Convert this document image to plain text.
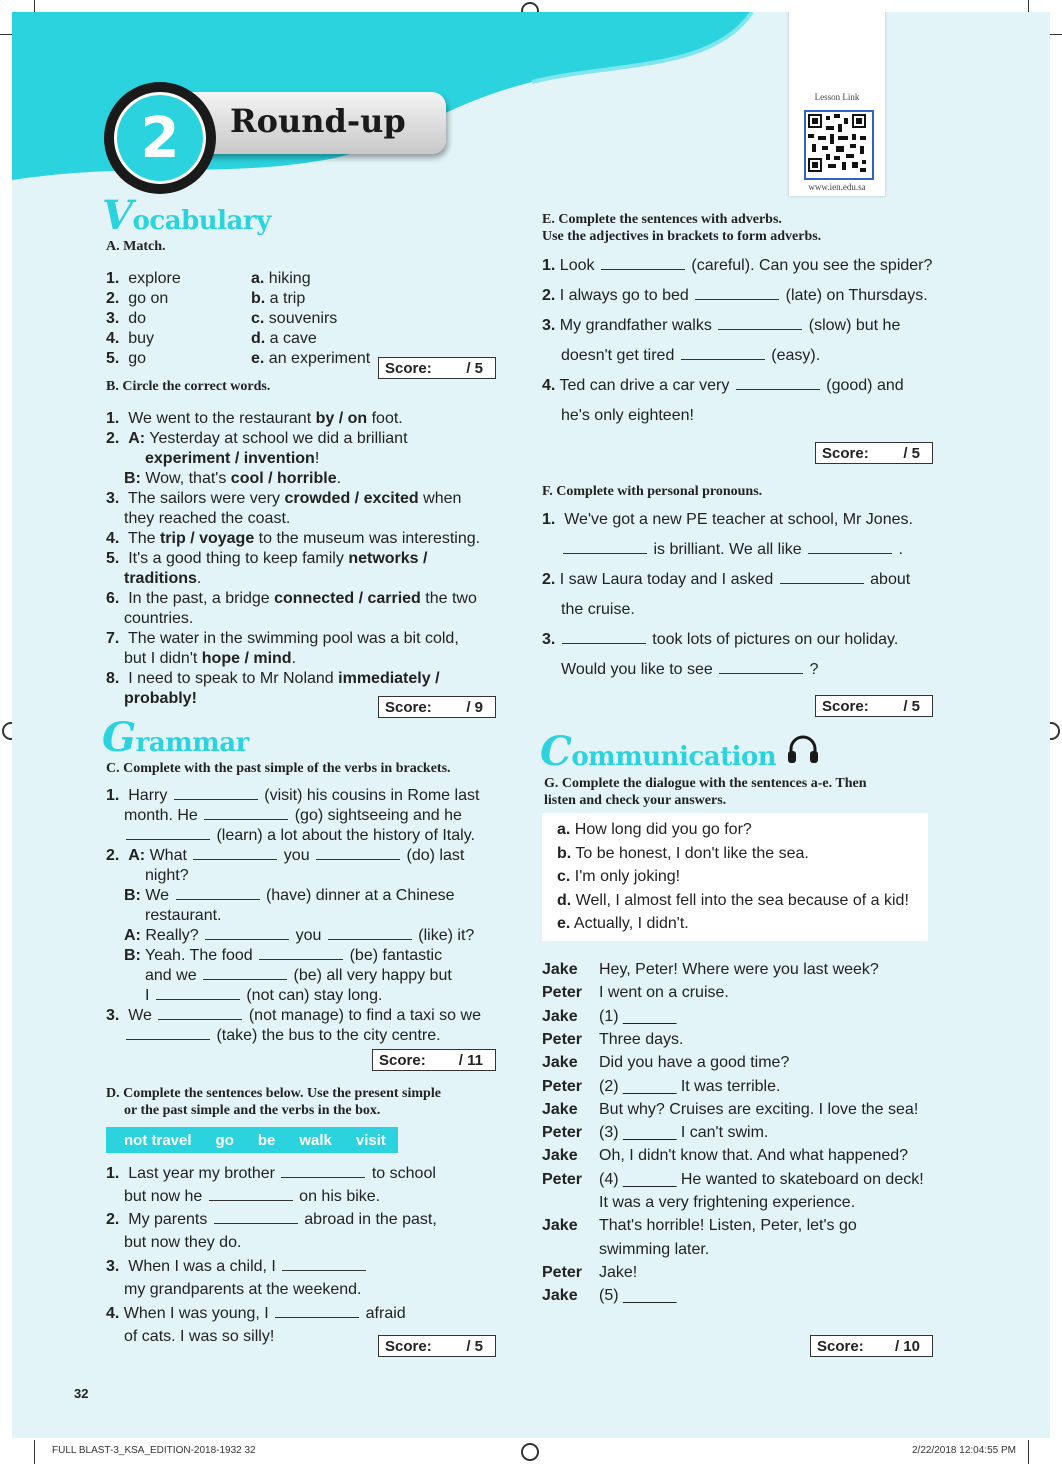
Round-up
2
Lesson Link
www.ien.edu.sa
Vocabulary
A. Match.
1. explore	a. hiking
2. go on	b. a trip
3. do	c. souvenirs
4. buy	d. a cave
5. go	e. an experiment
Score: / 5
B. Circle the correct words.
1.  We went to the restaurant by / on foot.
2. A: Yesterday at school we did a brilliant
experiment / invention!
B: Wow, that's cool / horrible.
3.  The sailors were very crowded / excited when
they reached the coast.
4.  The trip / voyage to the museum was interesting.
5.  It's a good thing to keep family networks /
traditions.
6.  In the past, a bridge connected / carried the two
countries.
7.  The water in the swimming pool was a bit cold,
but I didn't hope / mind.
8.  I need to speak to Mr Noland immediately /
probably!	Score: / 9
Grammar
C. Complete with the past simple of the verbs in brackets.
1.  Harry	(visit) his cousins in Rome last
month. He	(go) sightseeing and he
(learn) a lot about the history of Italy.
2. A: What	you	(do) last
night?
B: We	(have) dinner at a Chinese
restaurant.
A: Really?	you	(like) it?
B: Yeah. The food	(be) fantastic
and we	(be) all very happy but
I	(not can) stay long.
3.  We	(not manage) to find a taxi so we
(take) the bus to the city centre.
Score: / 11
D. Complete the sentences below. Use the present simple
or the past simple and the verbs in the box.
not travel go be walk visit
1.  Last year my brother	to school
but now he	on his bike.
2.  My parents	abroad in the past,
but now they do.
3.  When I was a child, I
my grandparents at the weekend.
4. When I was young, I	afraid
of cats. I was so silly!
Score: / 5
E. Complete the sentences with adverbs.
Use the adjectives in brackets to form adverbs.
1. Look	(careful). Can you see the spider?
2. I always go to bed	(late) on Thursdays.
3. My grandfather walks	(slow) but he
doesn't get tired	(easy).
4. Ted can drive a car very	(good) and
he's only eighteen!
Score: / 5
F. Complete with personal pronouns.
1.  We've got a new PE teacher at school, Mr Jones.
is brilliant. We all like	.
2. I saw Laura today and I asked	about
the cruise.
3.	took lots of pictures on our holiday.
Would you like to see	?
Score: / 5
Communication
G. Complete the dialogue with the sentences a-e. Then
listen and check your answers.
a. How long did you go for?
b. To be honest, I don't like the sea.
c. I'm only joking!
d. Well, I almost fell into the sea because of a kid!
e. Actually, I didn't.
Jake Hey, Peter! Where were you last week?
Peter I went on a cruise.
Jake (1) ______
Peter Three days.
Jake Did you have a good time?
Peter (2) ______ It was terrible.
Jake But why? Cruises are exciting. I love the sea!
Peter (3) ______ I can't swim.
Jake Oh, I didn't know that. And what happened?
Peter (4) ______ He wanted to skateboard on deck!
It was a very frightening experience.
Jake That's horrible! Listen, Peter, let's go
swimming later.
Peter Jake!
Jake (5) ______
Score: / 10
32
FULL BLAST-3_KSA_EDITION-2018-1932 32	2/22/2018 12:04:55 PM
